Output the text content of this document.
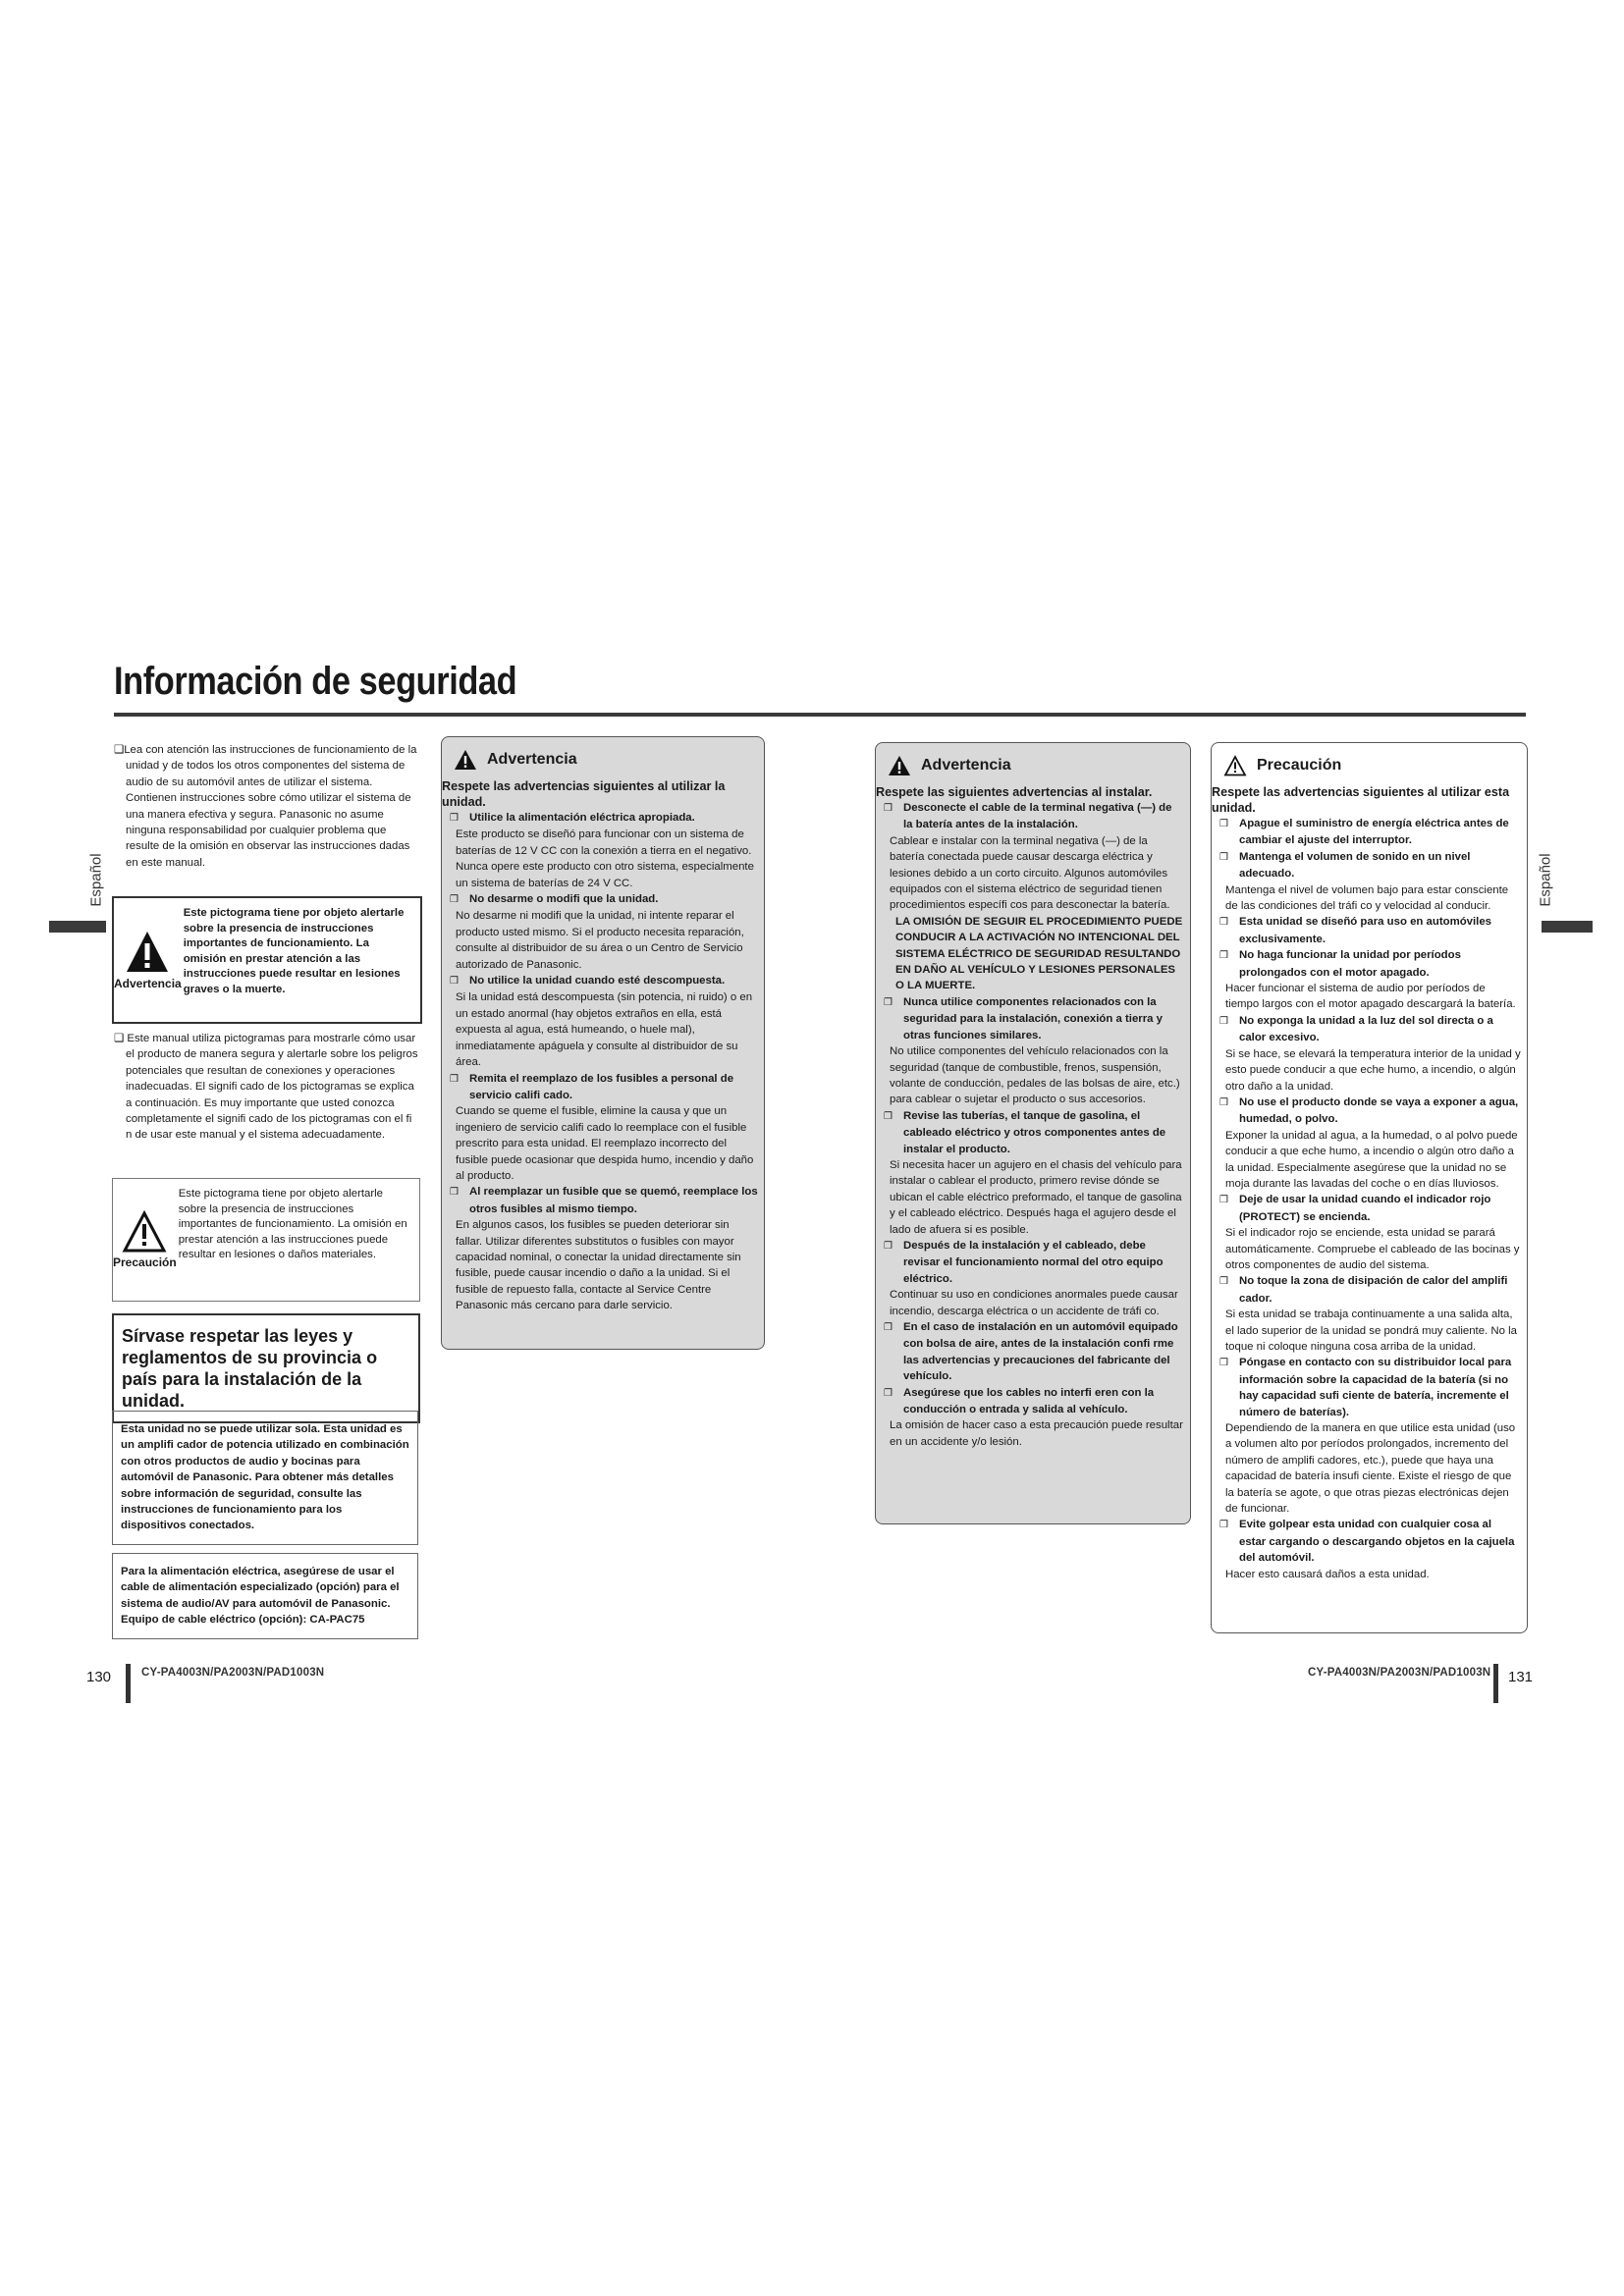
Información de seguridad
Español	Español

❑Lea con atención las instrucciones de funcionamiento de la unidad y de todos los otros componentes del sistema de audio de su automóvil antes de utilizar el sistema. Contienen instrucciones sobre cómo utilizar el sistema de una manera efectiva y segura. Panasonic no asume ninguna responsabilidad por cualquier problema que resulte de la omisión en observar las instrucciones dadas en este manual.

Advertencia
Este pictograma tiene por objeto alertarle sobre la presencia de instrucciones importantes de funcionamiento. La omisión en prestar atención a las instrucciones puede resultar en lesiones graves o la muerte.

❑ Este manual utiliza pictogramas para mostrarle cómo usar el producto de manera segura y alertarle sobre los peligros potenciales que resultan de conexiones y operaciones inadecuadas. El signifi cado de los pictogramas se explica a continuación. Es muy importante que usted conozca completamente el signifi cado de los pictogramas con el fi n de usar este manual y el sistema adecuadamente.

Precaución
Este pictograma tiene por objeto alertarle sobre la presencia de instrucciones importantes de funcionamiento. La omisión en prestar atención a las instrucciones puede resultar en lesiones o daños materiales.
Sírvase respetar las leyes y reglamentos de su provincia o país para la instalación de la unidad.
Esta unidad no se puede utilizar sola. Esta unidad es un amplifi cador de potencia utilizado en combinación con otros productos de audio y bocinas para automóvil de Panasonic. Para obtener más detalles sobre información de seguridad, consulte las instrucciones de funcionamiento para los dispositivos conectados.
Para la alimentación eléctrica, asegúrese de usar el cable de alimentación especializado (opción) para el sistema de audio/AV para automóvil de Panasonic. Equipo de cable eléctrico (opción): CA-PAC75
Advertencia

Respete las advertencias siguientes al utilizar la unidad.

❒ Utilice la alimentación eléctrica apropiada.

Este producto se diseñó para funcionar con un sistema de baterías de 12 V CC con la conexión a tierra en el negativo. Nunca opere este producto con otro sistema, especialmente un sistema de baterías de 24 V CC.

❒ No desarme o modifi que la unidad.

No desarme ni modifi que la unidad, ni intente reparar el producto usted mismo. Si el producto necesita reparación, consulte al distribuidor de su área o un Centro de Servicio autorizado de Panasonic.

❒ No utilice la unidad cuando esté descompuesta.

Si la unidad está descompuesta (sin potencia, ni ruido) o en un estado anormal (hay objetos extraños en ella, está expuesta al agua, está humeando, o huele mal), inmediatamente apáguela y consulte al distribuidor de su área.

❒ Remita el reemplazo de los fusibles a personal de servicio califi cado.

Cuando se queme el fusible, elimine la causa y que un ingeniero de servicio califi cado lo reemplace con el fusible prescrito para esta unidad. El reemplazo incorrecto del fusible puede ocasionar que despida humo, incendio y daño al producto.

❒ Al reemplazar un fusible que se quemó, reemplace los otros fusibles al mismo tiempo.

En algunos casos, los fusibles se pueden deteriorar sin fallar. Utilizar diferentes substitutos o fusibles con mayor capacidad nominal, o conectar la unidad directamente sin fusible, puede causar incendio o daño a la unidad. Si el fusible de repuesto falla, contacte al Service Centre Panasonic más cercano para darle servicio.

Advertencia

Respete las siguientes advertencias al instalar.

❒ Desconecte el cable de la terminal negativa (—) de la batería antes de la instalación.

Cablear e instalar con la terminal negativa (—) de la batería conectada puede causar descarga eléctrica y lesiones debido a un corto circuito. Algunos automóviles equipados con el sistema eléctrico de seguridad tienen procedimientos específi cos para desconectar la batería.

LA OMISIÓN DE SEGUIR EL PROCEDIMIENTO PUEDE CONDUCIR A LA ACTIVACIÓN NO INTENCIONAL DEL SISTEMA ELÉCTRICO DE SEGURIDAD RESULTANDO EN DAÑO AL VEHÍCULO Y LESIONES PERSONALES O LA MUERTE.

❒ Nunca utilice componentes relacionados con la seguridad para la instalación, conexión a tierra y otras funciones similares.

No utilice componentes del vehículo relacionados con la seguridad (tanque de combustible, frenos, suspensión, volante de conducción, pedales de las bolsas de aire, etc.) para cablear o sujetar el producto o sus accesorios.

❒ Revise las tuberías, el tanque de gasolina, el cableado eléctrico y otros componentes antes de instalar el producto.

Si necesita hacer un agujero en el chasis del vehículo para instalar o cablear el producto, primero revise dónde se ubican el cable eléctrico preformado, el tanque de gasolina y el cableado eléctrico. Después haga el agujero desde el lado de afuera si es posible.

❒ Después de la instalación y el cableado, debe revisar el funcionamiento normal del otro equipo eléctrico.

Continuar su uso en condiciones anormales puede causar incendio, descarga eléctrica o un accidente de tráfi co.

❒ En el caso de instalación en un automóvil equipado con bolsa de aire, antes de la instalación confi rme las advertencias y precauciones del fabricante del vehículo.

❒ Asegúrese que los cables no interfi eren con la conducción o entrada y salida al vehículo.

La omisión de hacer caso a esta precaución puede resultar en un accidente y/o lesión.

Precaución

Respete las advertencias siguientes al utilizar esta unidad.

❒ Apague el suministro de energía eléctrica antes de cambiar el ajuste del interruptor.

❒ Mantenga el volumen de sonido en un nivel adecuado.

Mantenga el nivel de volumen bajo para estar consciente de las condiciones del tráfi co y velocidad al conducir.

❒ Esta unidad se diseñó para uso en automóviles exclusivamente.

❒ No haga funcionar la unidad por períodos prolongados con el motor apagado.

Hacer funcionar el sistema de audio por períodos de tiempo largos con el motor apagado descargará la batería.

❒ No exponga la unidad a la luz del sol directa o a calor excesivo.

Si se hace, se elevará la temperatura interior de la unidad y esto puede conducir a que eche humo, a incendio, o algún otro daño a la unidad.

❒ No use el producto donde se vaya a exponer a agua, humedad, o polvo.

Exponer la unidad al agua, a la humedad, o al polvo puede conducir a que eche humo, a incendio o algún otro daño a la unidad. Especialmente asegúrese que la unidad no se moja durante las lavadas del coche o en días lluviosos.

❒ Deje de usar la unidad cuando el indicador rojo (PROTECT) se encienda.

Si el indicador rojo se enciende, esta unidad se parará automáticamente. Compruebe el cableado de las bocinas y otros componentes de audio del sistema.

❒ No toque la zona de disipación de calor del amplifi cador.

Si esta unidad se trabaja continuamente a una salida alta, el lado superior de la unidad se pondrá muy caliente. No la toque ni coloque ninguna cosa arriba de la unidad.

❒ Póngase en contacto con su distribuidor local para información sobre la capacidad de la batería (si no hay capacidad sufi ciente de batería, incremente el número de baterías).

Dependiendo de la manera en que utilice esta unidad (uso a volumen alto por períodos prolongados, incremento del número de amplifi cadores, etc.), puede que haya una capacidad de batería insufi ciente. Existe el riesgo de que la batería se agote, o que otras piezas electrónicas dejen de funcionar.

❒ Evite golpear esta unidad con cualquier cosa al estar cargando o descargando objetos en la cajuela del automóvil.

Hacer esto causará daños a esta unidad.

130	CY-PA4003N/PA2003N/PAD1003N	CY-PA4003N/PA2003N/PAD1003N 131
